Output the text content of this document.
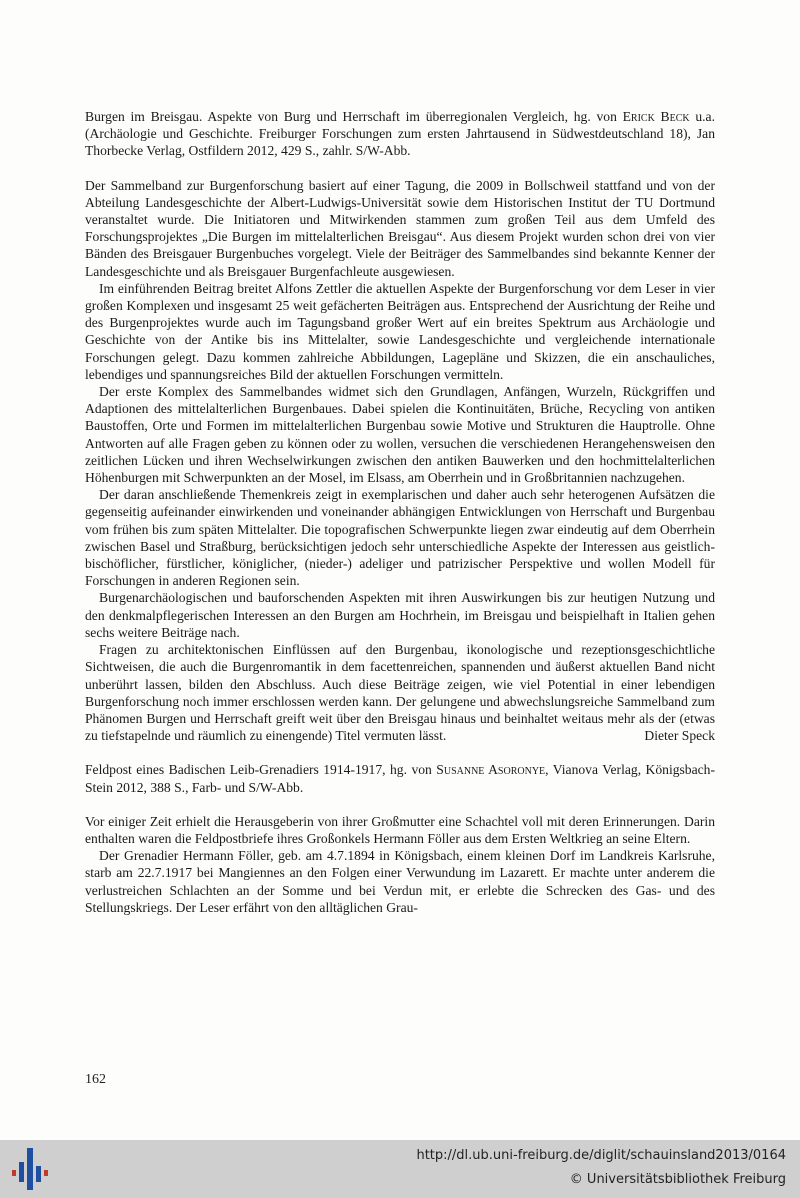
Burgen im Breisgau. Aspekte von Burg und Herrschaft im überregionalen Vergleich, hg. von Erick Beck u.a. (Archäologie und Geschichte. Freiburger Forschungen zum ersten Jahrtausend in Südwestdeutschland 18), Jan Thorbecke Verlag, Ostfildern 2012, 429 S., zahlr. S/W-Abb.

Der Sammelband zur Burgenforschung basiert auf einer Tagung, die 2009 in Bollschweil stattfand und von der Abteilung Landesgeschichte der Albert-Ludwigs-Universität sowie dem Historischen Institut der TU Dortmund veranstaltet wurde. Die Initiatoren und Mitwirkenden stammen zum großen Teil aus dem Umfeld des Forschungsprojektes „Die Burgen im mittelalterlichen Breisgau“. Aus diesem Projekt wurden schon drei von vier Bänden des Breisgauer Burgenbuches vorgelegt. Viele der Beiträger des Sammelbandes sind bekannte Kenner der Landesgeschichte und als Breisgauer Burgenfachleute ausgewiesen.

Im einführenden Beitrag breitet Alfons Zettler die aktuellen Aspekte der Burgenforschung vor dem Leser in vier großen Komplexen und insgesamt 25 weit gefächerten Beiträgen aus. Entsprechend der Ausrichtung der Reihe und des Burgenprojektes wurde auch im Tagungsband großer Wert auf ein breites Spektrum aus Archäologie und Geschichte von der Antike bis ins Mittelalter, sowie Landesgeschichte und vergleichende internationale Forschungen gelegt. Dazu kommen zahlreiche Abbildungen, Lagepläne und Skizzen, die ein anschauliches, lebendiges und spannungsreiches Bild der aktuellen Forschungen vermitteln.

Der erste Komplex des Sammelbandes widmet sich den Grundlagen, Anfängen, Wurzeln, Rückgriffen und Adaptionen des mittelalterlichen Burgenbaues. Dabei spielen die Kontinuitäten, Brüche, Recycling von antiken Baustoffen, Orte und Formen im mittelalterlichen Burgenbau sowie Motive und Strukturen die Hauptrolle. Ohne Antworten auf alle Fragen geben zu können oder zu wollen, versuchen die verschiedenen Herangehensweisen den zeitlichen Lücken und ihren Wechselwirkungen zwischen den antiken Bauwerken und den hochmittelalterlichen Höhenburgen mit Schwerpunkten an der Mosel, im Elsass, am Oberrhein und in Großbritannien nachzugehen.

Der daran anschließende Themenkreis zeigt in exemplarischen und daher auch sehr heterogenen Aufsätzen die gegenseitig aufeinander einwirkenden und voneinander abhängigen Entwicklungen von Herrschaft und Burgenbau vom frühen bis zum späten Mittelalter. Die topografischen Schwerpunkte liegen zwar eindeutig auf dem Oberrhein zwischen Basel und Straßburg, berücksichtigen jedoch sehr unterschiedliche Aspekte der Interessen aus geistlich-bischöflicher, fürstlicher, königlicher, (nieder-) adeliger und patrizischer Perspektive und wollen Modell für Forschungen in anderen Regionen sein.

Burgenarchäologischen und bauforschenden Aspekten mit ihren Auswirkungen bis zur heutigen Nutzung und den denkmalpflegerischen Interessen an den Burgen am Hochrhein, im Breisgau und beispielhaft in Italien gehen sechs weitere Beiträge nach.

Fragen zu architektonischen Einflüssen auf den Burgenbau, ikonologische und rezeptionsgeschichtliche Sichtweisen, die auch die Burgenromantik in dem facettenreichen, spannenden und äußerst aktuellen Band nicht unberührt lassen, bilden den Abschluss. Auch diese Beiträge zeigen, wie viel Potential in einer lebendigen Burgenforschung noch immer erschlossen werden kann. Der gelungene und abwechslungsreiche Sammelband zum Phänomen Burgen und Herrschaft greift weit über den Breisgau hinaus und beinhaltet weitaus mehr als der (etwas zu tiefstapelnde und räumlich zu einengende) Titel vermuten lässt.	Dieter Speck

Feldpost eines Badischen Leib-Grenadiers 1914-1917, hg. von Susanne Asoronye, Vianova Verlag, Königsbach-Stein 2012, 388 S., Farb- und S/W-Abb.

Vor einiger Zeit erhielt die Herausgeberin von ihrer Großmutter eine Schachtel voll mit deren Erinnerungen. Darin enthalten waren die Feldpostbriefe ihres Großonkels Hermann Föller aus dem Ersten Weltkrieg an seine Eltern.

Der Grenadier Hermann Föller, geb. am 4.7.1894 in Königsbach, einem kleinen Dorf im Landkreis Karlsruhe, starb am 22.7.1917 bei Mangiennes an den Folgen einer Verwundung im Lazarett. Er machte unter anderem die verlustreichen Schlachten an der Somme und bei Verdun mit, er erlebte die Schrecken des Gas- und des Stellungskriegs. Der Leser erfährt von den alltäglichen Grau-

162
http://dl.ub.uni-freiburg.de/diglit/schauinsland2013/0164
© Universitätsbibliothek Freiburg
